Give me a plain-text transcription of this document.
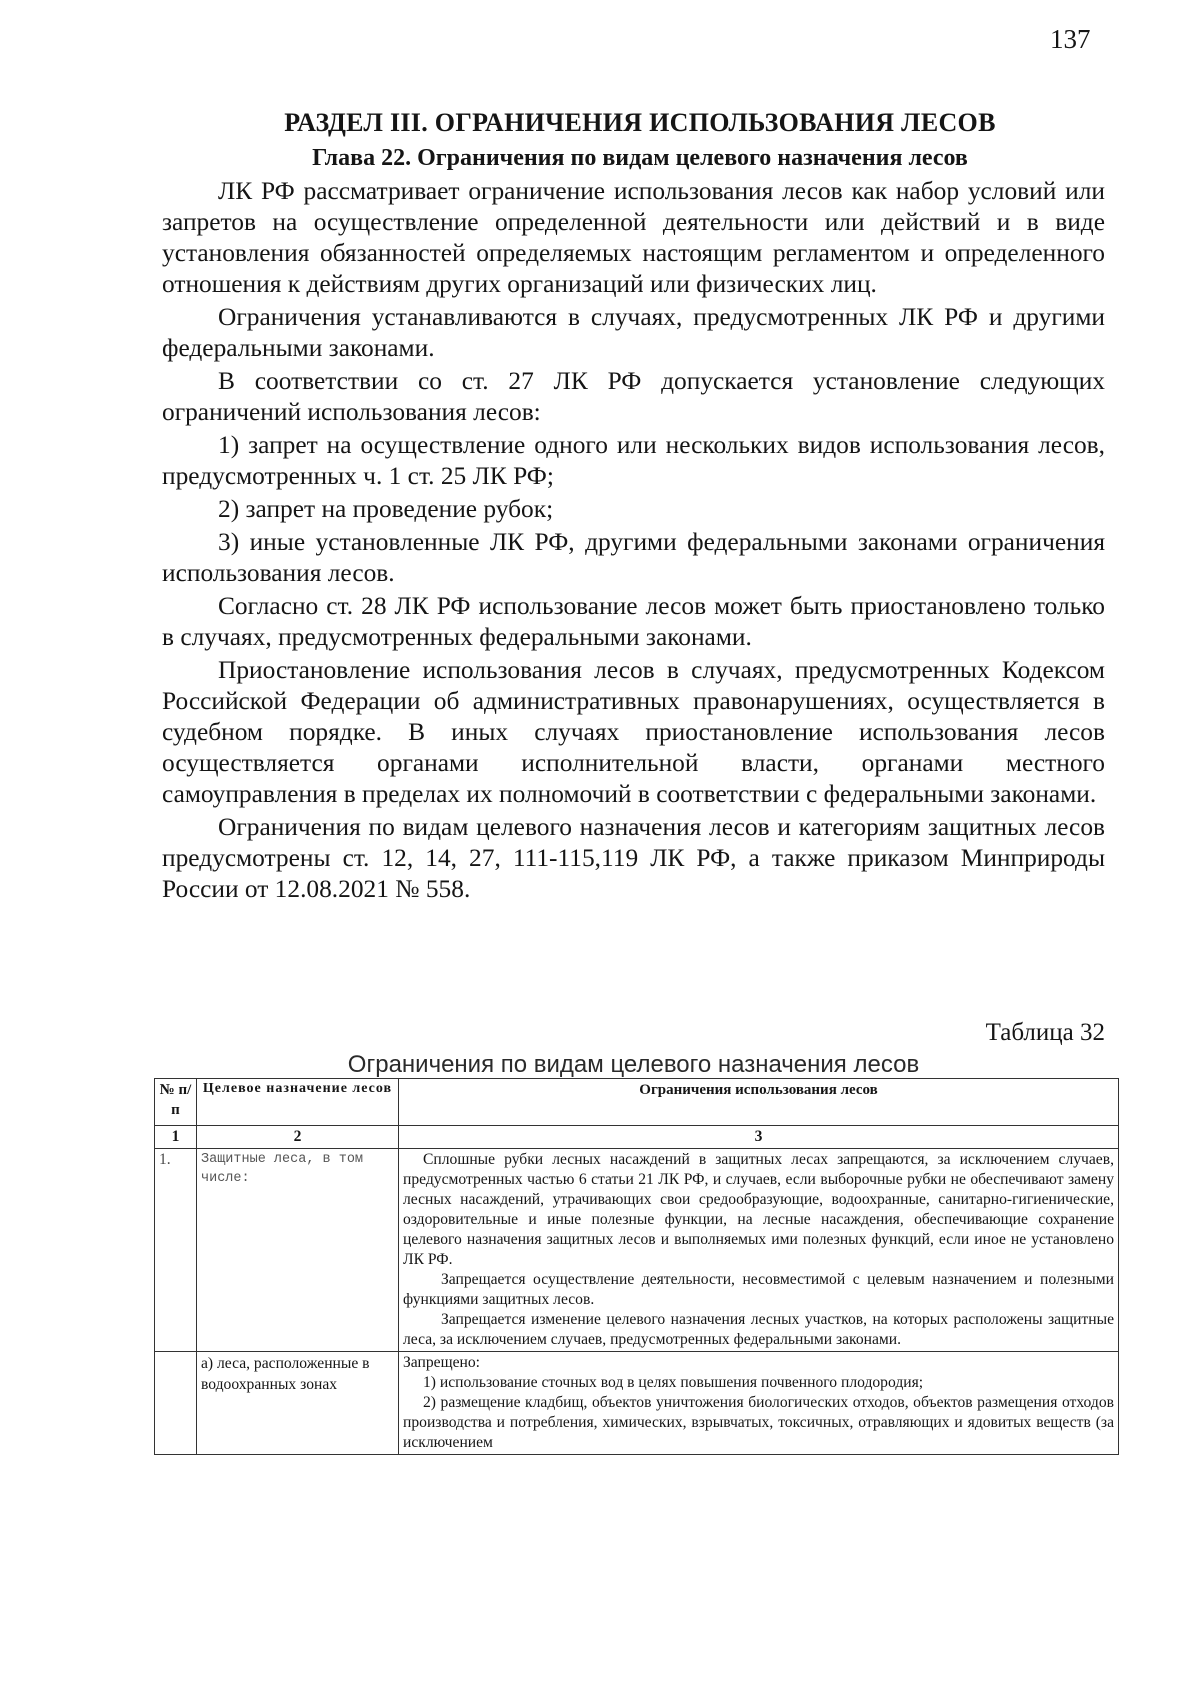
137
РАЗДЕЛ III. ОГРАНИЧЕНИЯ ИСПОЛЬЗОВАНИЯ ЛЕСОВ
Глава 22. Ограничения по видам целевого назначения лесов

ЛК РФ рассматривает ограничение использования лесов как набор условий или запретов на осуществление определенной деятельности или действий и в виде установления обязанностей определяемых настоящим регламентом и определенного отношения к действиям других организаций или физических лиц.

Ограничения устанавливаются в случаях, предусмотренных ЛК РФ и другими федеральными законами.

В соответствии со ст. 27 ЛК РФ допускается установление следующих ограничений использования лесов:

1) запрет на осуществление одного или нескольких видов использования лесов, предусмотренных ч. 1 ст. 25 ЛК РФ;

2) запрет на проведение рубок;

3) иные установленные ЛК РФ, другими федеральными законами ограничения использования лесов.

Согласно ст. 28 ЛК РФ использование лесов может быть приостановлено только в случаях, предусмотренных федеральными законами.

Приостановление использования лесов в случаях, предусмотренных Кодексом Российской Федерации об административных правонарушениях, осуществляется в судебном порядке. В иных случаях приостановление использования лесов осуществляется органами исполнительной власти, органами местного самоуправления в пределах их полномочий в соответствии с федеральными законами.

Ограничения по видам целевого назначения лесов и категориям защитных лесов предусмотрены ст. 12, 14, 27, 111-115,119 ЛК РФ, а также приказом Минприроды России от 12.08.2021 № 558.

Таблица 32
Ограничения по видам целевого назначения лесов
№ п/п	Целевое назначение лесов	Ограничения использования лесов
1	2	3
1.	Защитные леса, в том числе:	Сплошные рубки лесных насаждений в защитных лесах запрещаются, за исключением случаев, предусмотренных частью 6 статьи 21 ЛК РФ, и случаев, если выборочные рубки не обеспечивают замену лесных насаждений, утрачивающих свои средообразующие, водоохранные, санитарно-гигиенические, оздоровительные и иные полезные функции, на лесные насаждения, обеспечивающие сохранение целевого назначения защитных лесов и выполняемых ими полезных функций, если иное не установлено ЛК РФ.

Запрещается осуществление деятельности, несовместимой с целевым назначением и полезными функциями защитных лесов.

Запрещается изменение целевого назначения лесных участков, на которых расположены защитные леса, за исключением случаев, предусмотренных федеральными законами.

	а) леса, расположенные в водоохранных зонах	Запрещено:

1) использование сточных вод в целях повышения почвенного плодородия;

2) размещение кладбищ, объектов уничтожения биологических отходов, объектов размещения отходов производства и потребления, химических, взрывчатых, токсичных, отравляющих и ядовитых веществ (за исключением
